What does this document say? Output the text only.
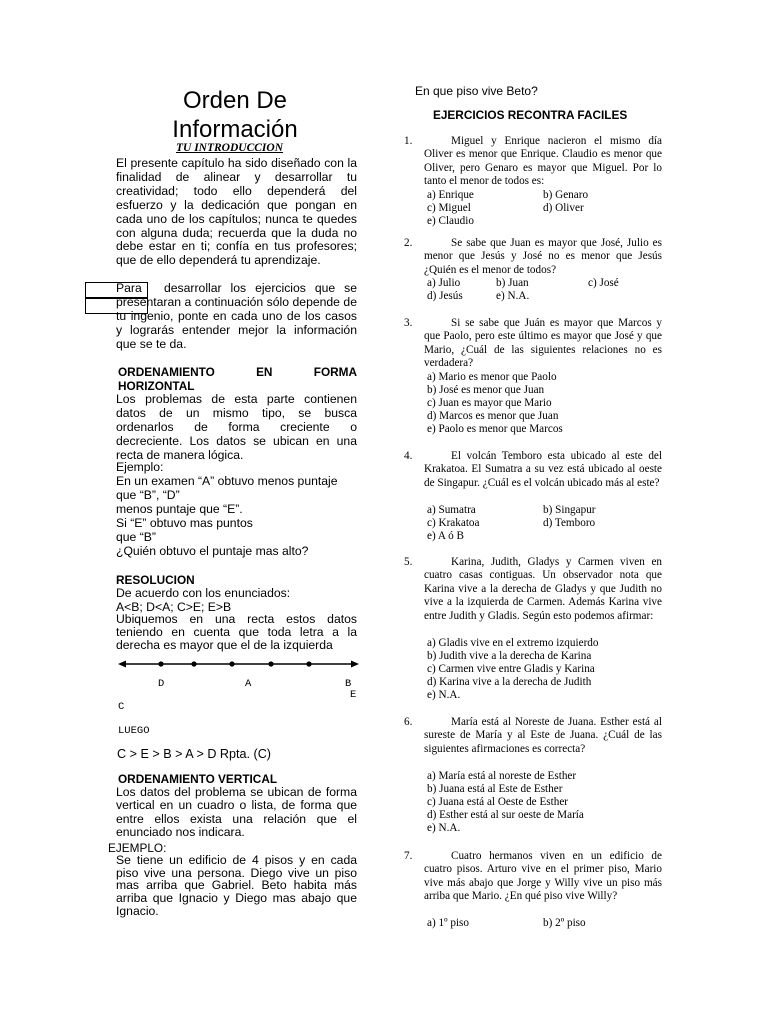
Orden De Información
TU INTRODUCCION
El presente capítulo ha sido diseñado con la finalidad de alinear y desarrollar tu creatividad; todo ello dependerá del esfuerzo y la dedicación que pongan en cada uno de los capítulos; nunca te quedes con alguna duda; recuerda que la duda no debe estar en ti; confía en tus profesores; que de ello dependerá tu aprendizaje.
desarrollar los ejercicios que se presentaran a continuación sólo depende de tu ingenio, ponte en cada uno de los casos y lograrás entender mejor la información que se te da.
Para
ORDENAMIENTO EN FORMA
HORIZONTAL
Los problemas de esta parte contienen datos de un mismo tipo, se busca ordenarlos de forma creciente o decreciente. Los datos se ubican en una recta de manera lógica.
Ejemplo:
En un examen “A” obtuvo menos puntaje
que “B”, “D”
menos puntaje que “E”.
Si “E” obtuvo mas puntos
que “B”
¿Quién obtuvo el puntaje mas alto?
RESOLUCION
De acuerdo con los enunciados:
A<B; D<A; C>E; E>B
Ubiquemos en una recta estos datos teniendo en cuenta que toda letra a la derecha es mayor que el de la izquierda
D	A	B
E
C
LUEGO
C > E > B > A > D Rpta. (C)
ORDENAMIENTO VERTICAL
Los datos del problema se ubican de forma vertical en un cuadro o lista, de forma que entre ellos exista una relación que el enunciado nos indicara.
EJEMPLO:
Se tiene un edificio de 4 pisos y en cada piso vive una persona. Diego vive un piso mas arriba que Gabriel. Beto habita más arriba que Ignacio y Diego mas abajo que Ignacio.
En que piso vive Beto?
EJERCICIOS RECONTRA FACILES
1.	Miguel y Enrique nacieron el mismo día Oliver es menor que Enrique. Claudio es menor que Oliver, pero Genaro es mayor que Miguel. Por lo tanto el menor de todos es:
a) Enrique	b) Genaro
c) Miguel	d) Oliver
e) Claudio
2.	Se sabe que Juan es mayor que José, Julio es menor que Jesús y José no es menor que Jesús ¿Quién es el menor de todos?
a) Julio	b) Juan	c) José
d) Jesús	e) N.A.
3.	Si se sabe que Juán es mayor que Marcos y que Paolo, pero este último es mayor que José y que Mario, ¿Cuál de las siguientes relaciones no es verdadera?
a) Mario es menor que Paolo
b) José es menor que Juan
c) Juan es mayor que Mario
d) Marcos es menor que Juan
e) Paolo es menor que Marcos
4.	El volcán Temboro esta ubicado al este del Krakatoa. El Sumatra a su vez está ubicado al oeste de Singapur. ¿Cuál es el volcán ubicado más al este?
a) Sumatra	b) Singapur
c) Krakatoa	d) Temboro
e) A ó B
5.	Karina, Judith, Gladys y Carmen viven en cuatro casas contiguas. Un observador nota que Karina vive a la derecha de Gladys y que Judith no vive a la izquierda de Carmen. Además Karina vive entre Judith y Gladis. Según esto podemos afirmar:
a) Gladis vive en el extremo izquierdo
b) Judith vive a la derecha de Karina
c) Carmen vive entre Gladis y Karina
d) Karina vive a la derecha de Judith
e) N.A.
6.	María está al Noreste de Juana. Esther está al sureste de María y al Este de Juana. ¿Cuál de las siguientes afirmaciones es correcta?
a) María está al noreste de Esther
b) Juana está al Este de Esther
c) Juana está al Oeste de Esther
d) Esther está al sur oeste de María
e) N.A.
7.	Cuatro hermanos viven en un edificio de cuatro pisos. Arturo vive en el primer piso, Mario vive más abajo que Jorge y Willy vive un piso más arriba que Mario. ¿En qué piso vive Willy?
a) 1º piso	b) 2º piso
